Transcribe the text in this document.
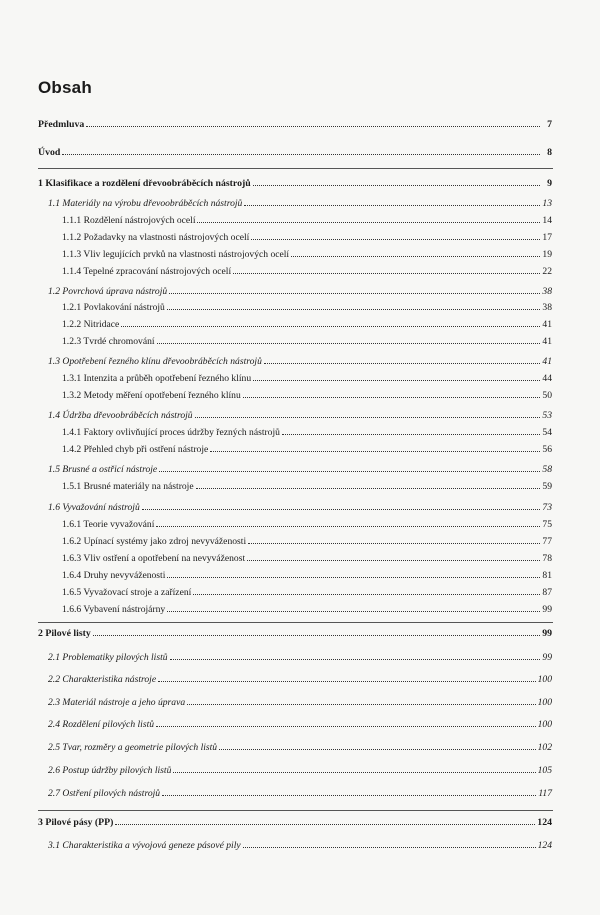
Obsah
Předmluva	7
Úvod	8
1 Klasifikace a rozdělení dřevoobráběcích nástrojů	9
1.1 Materiály na výrobu dřevoobráběcích nástrojů	13
1.1.1 Rozdělení nástrojových ocelí	14
1.1.2 Požadavky na vlastnosti nástrojových ocelí	17
1.1.3 Vliv legujících prvků na vlastnosti nástrojových ocelí	19
1.1.4 Tepelné zpracování nástrojových ocelí	22
1.2 Povrchová úprava nástrojů	38
1.2.1 Povlakování nástrojů	38
1.2.2 Nitridace	41
1.2.3 Tvrdé chromování	41
1.3 Opotřebení řezného klínu dřevoobráběcích nástrojů	41
1.3.1 Intenzita a průběh opotřebení řezného klínu	44
1.3.2 Metody měření opotřebení řezného klínu	50
1.4 Údržba dřevoobráběcích nástrojů	53
1.4.1 Faktory ovlivňující proces údržby řezných nástrojů	54
1.4.2 Přehled chyb při ostření nástroje	56
1.5 Brusné a ostřicí nástroje	58
1.5.1 Brusné materiály na nástroje	59
1.6 Vyvažování nástrojů	73
1.6.1 Teorie vyvažování	75
1.6.2 Upínací systémy jako zdroj nevyváženosti	77
1.6.3 Vliv ostření a opotřebení na nevyváženost	78
1.6.4 Druhy nevyváženosti	81
1.6.5 Vyvažovací stroje a zařízení	87
1.6.6 Vybavení nástrojárny	99
2 Pilové listy	99
2.1 Problematiky pilových listů	99
2.2 Charakteristika nástroje	100
2.3 Materiál nástroje a jeho úprava	100
2.4 Rozdělení pilových listů	100
2.5 Tvar, rozměry a geometrie pilových listů	102
2.6 Postup údržby pilových listů	105
2.7 Ostření pilových nástrojů	117
3 Pilové pásy (PP)	124
3.1 Charakteristika a vývojová geneze pásové pily	124
